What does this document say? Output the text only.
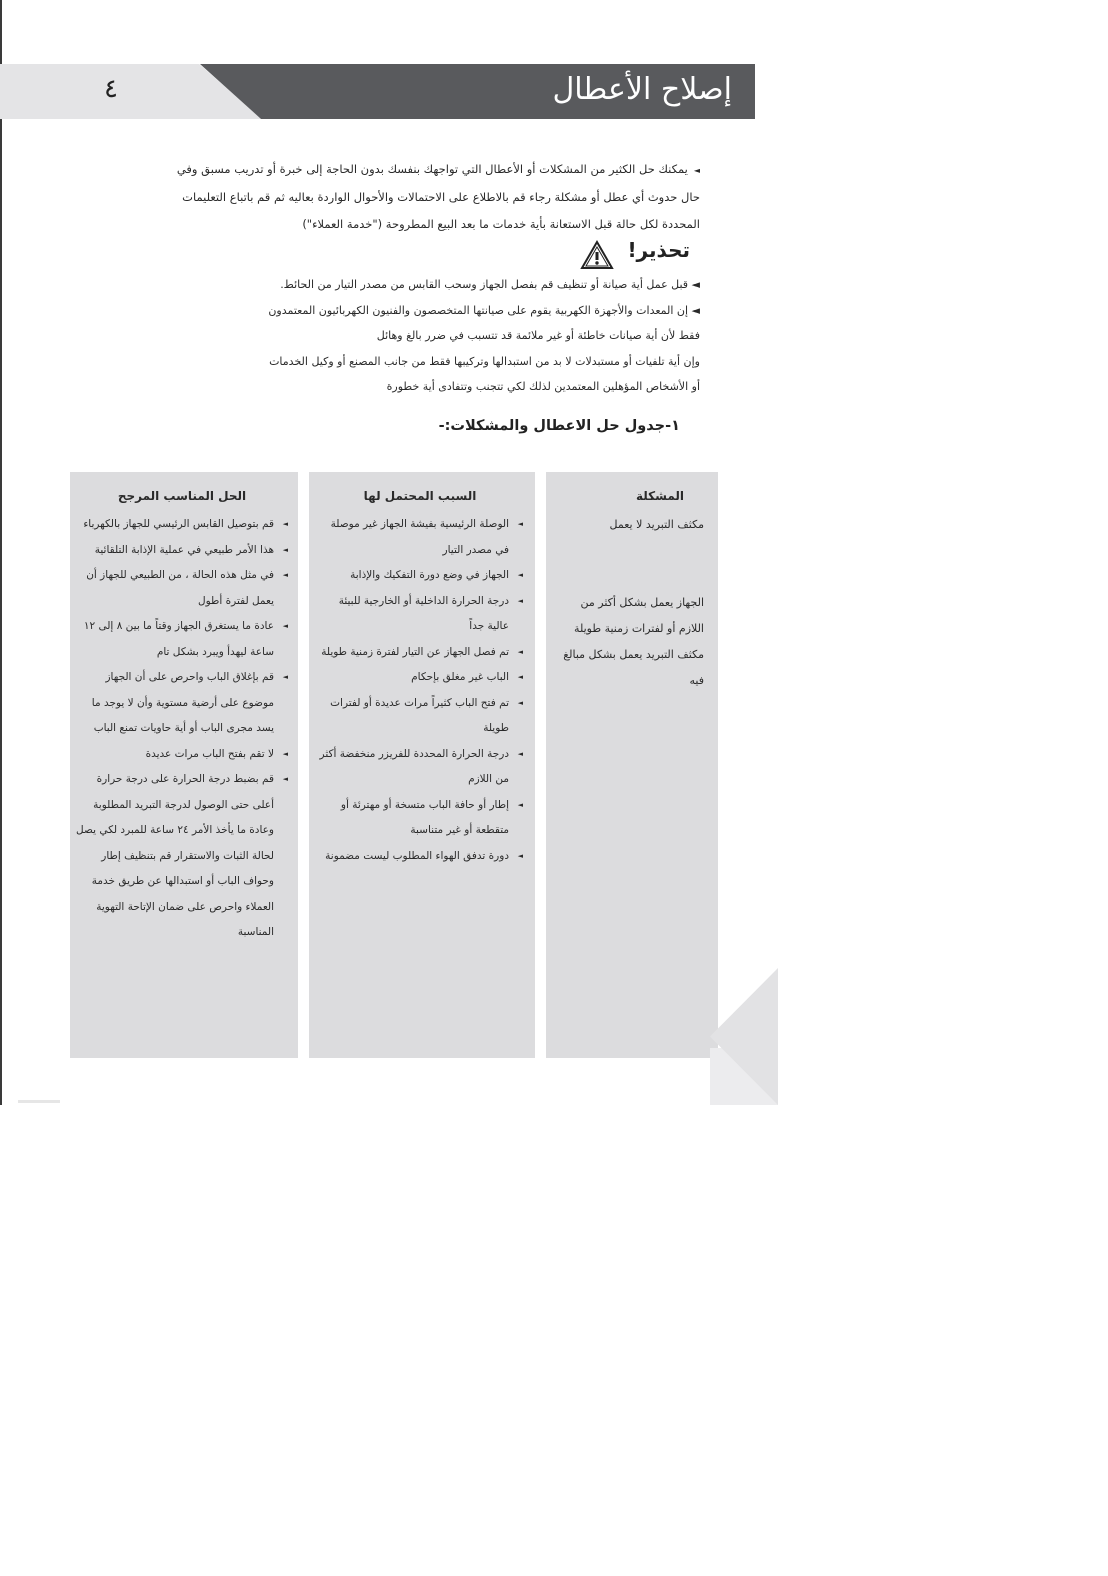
٤	إصلاح الأعطال
◄يمكنك حل الكثير من المشكلات أو الأعطال التي تواجهك بنفسك بدون الحاجة إلى خبرة أو تدريب مسبق وفي
حال حدوث أي عطل أو مشكلة رجاء قم بالاطلاع على الاحتمالات والأحوال الواردة بعاليه ثم قم باتباع التعليمات
المحددة لكل حالة قبل الاستعانة بأية خدمات ما بعد البيع المطروحة ("خدمة العملاء")
تحذير!
◄ قبل عمل أية صيانة أو تنظيف قم بفصل الجهاز وسحب القابس من مصدر التيار من الحائط.
◄ إن المعدات والأجهزة الكهربية يقوم على صيانتها المتخصصون والفنيون الكهربائيون المعتمدون
فقط لأن أية صيانات خاطئة أو غير ملائمة قد تتسبب في ضرر بالغ وهائل
وإن أية تلفيات أو مستبدلات لا بد من استبدالها وتركيبها فقط من جانب المصنع أو وكيل الخدمات
أو الأشخاص المؤهلين المعتمدين لذلك لكي تتجنب وتتفادى أية خطورة
١-جدول حل الاعطال والمشكلات:-
المشكلة
مكثف التبريد لا يعمل
الجهاز يعمل بشكل أكثر من اللازم أو لفترات زمنية طويلة
مكثف التبريد يعمل بشكل مبالغ فيه
السبب المحتمل لها
◄ الوصلة الرئيسية بفيشة الجهاز غير موصلة في مصدر التيار
◄ الجهاز في وضع دورة التفكيك والإذابة
◄ درجة الحرارة الداخلية أو الخارجية للبيئة عالية جداً
◄ تم فصل الجهاز عن التيار لفترة زمنية طويلة
◄ الباب غير مغلق بإحكام
◄ تم فتح الباب كثيراً مرات عديدة أو لفترات طويلة
◄ درجة الحرارة المحددة للفريزر منخفضة أكثر من اللازم
◄ إطار أو حافة الباب متسخة أو مهترئة أو متقطعة أو غير متناسبة
◄ دورة تدفق الهواء المطلوب ليست مضمونة
الحل المناسب المرجح
◄ قم بتوصيل القابس الرئيسي للجهاز بالكهرباء
◄ هذا الأمر طبيعي في عملية الإذابة التلقائية
◄ في مثل هذه الحالة ، من الطبيعي للجهاز أن يعمل لفترة أطول
◄ عادة ما يستغرق الجهاز وقتاً ما بين ٨ إلى ١٢ ساعة ليهدأ ويبرد بشكل تام
◄ قم بإغلاق الباب واحرص على أن الجهاز موضوع على أرضية مستوية وأن لا يوجد ما يسد مجرى الباب أو أية حاويات تمنع الباب
◄ لا تقم بفتح الباب مرات عديدة
◄ قم بضبط درجة الحرارة على درجة حرارة أعلى حتى الوصول لدرجة التبريد المطلوبة
وعادة ما يأخذ الأمر ٢٤ ساعة للمبرد لكي يصل لحالة الثبات والاستقرار قم بتنظيف إطار وحواف الباب أو استبدالها عن طريق خدمة العملاء واحرص على ضمان الإتاحة التهوية المناسبة
